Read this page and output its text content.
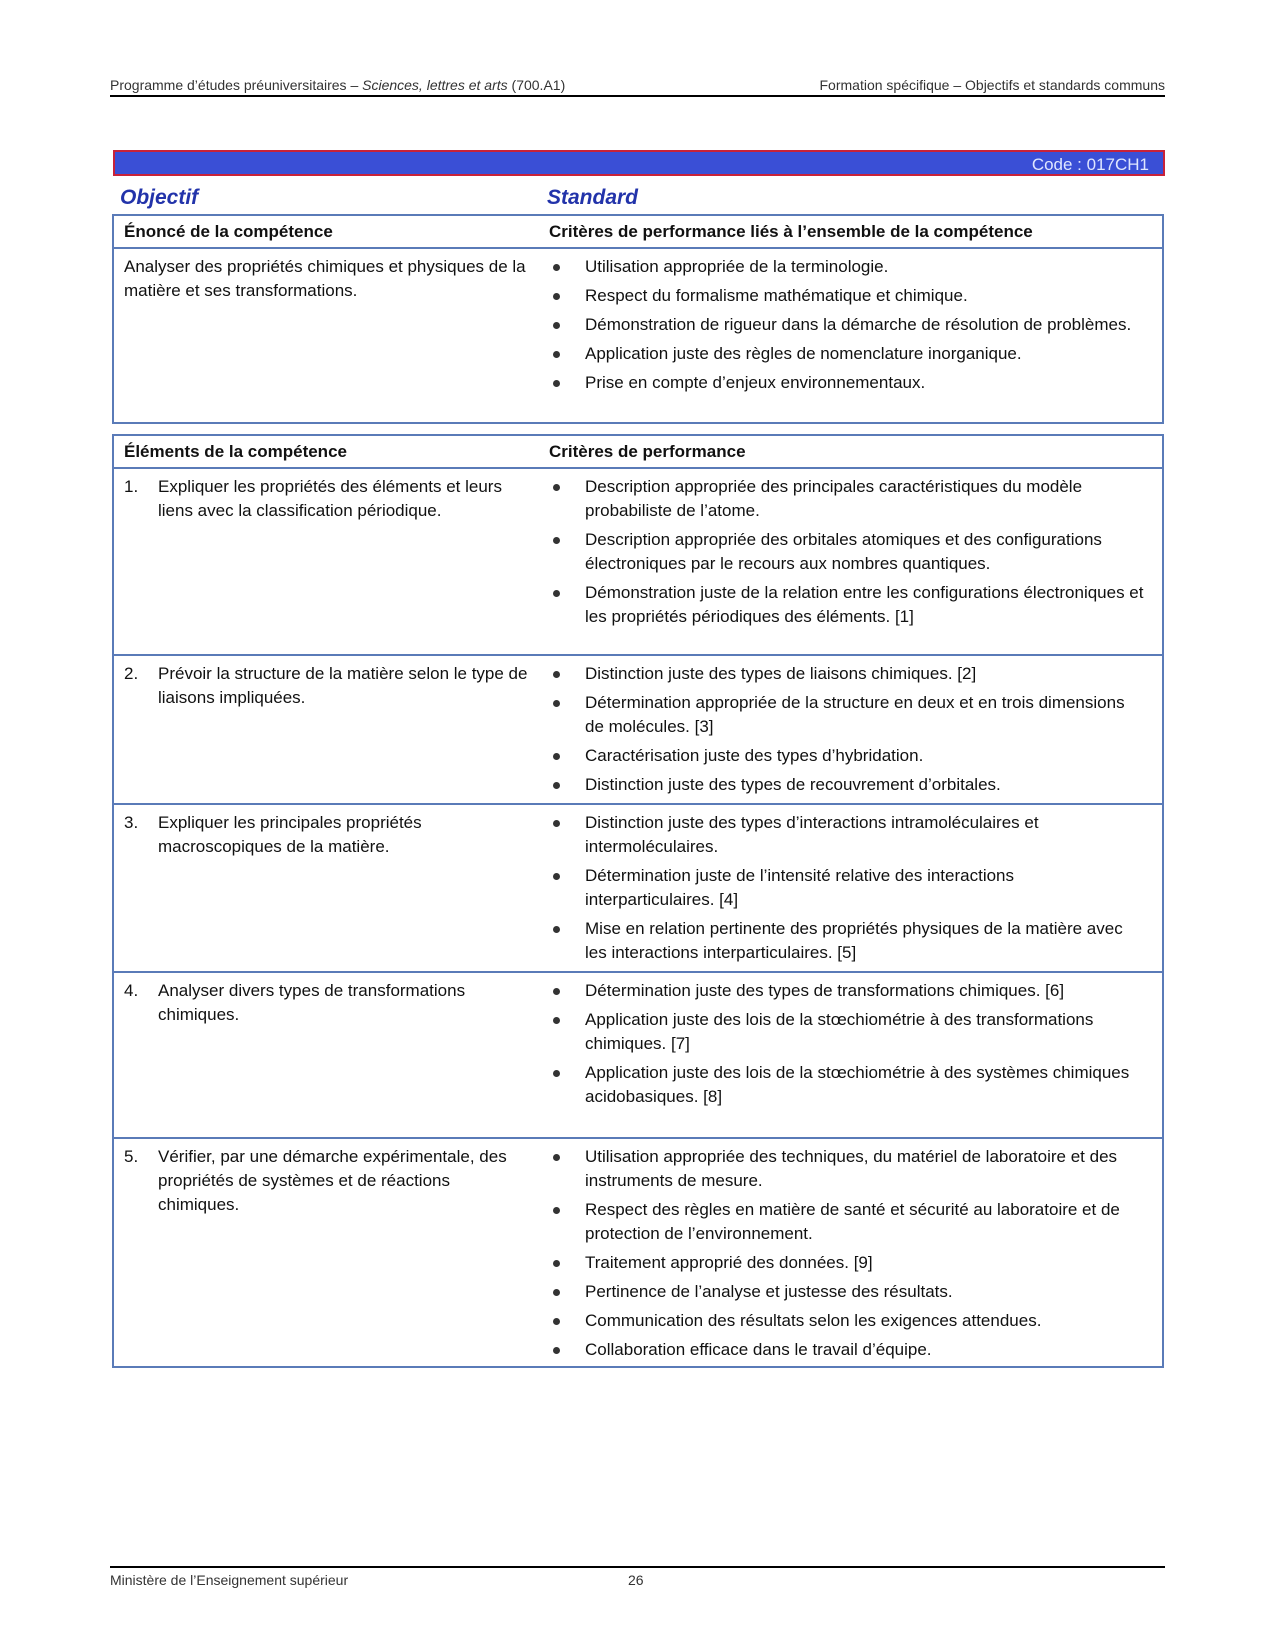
Programme d’études préuniversitaires – Sciences, lettres et arts (700.A1)	Formation spécifique – Objectifs et standards communs
Code : 017CH1
Objectif	Standard
Énoncé de la compétence	Critères de performance liés à l’ensemble de la compétence
Analyser des propriétés chimiques et physiques de la matière et ses transformations.
Utilisation appropriée de la terminologie.
Respect du formalisme mathématique et chimique.
Démonstration de rigueur dans la démarche de résolution de problèmes.
Application juste des règles de nomenclature inorganique.
Prise en compte d’enjeux environnementaux.
Éléments de la compétence	Critères de performance
1.	Expliquer les propriétés des éléments et leurs liens avec la classification périodique.
Description appropriée des principales caractéristiques du modèle probabiliste de l’atome.
Description appropriée des orbitales atomiques et des configurations électroniques par le recours aux nombres quantiques.
Démonstration juste de la relation entre les configurations électroniques et les propriétés périodiques des éléments. [1]
2.	Prévoir la structure de la matière selon le type de liaisons impliquées.
Distinction juste des types de liaisons chimiques. [2]
Détermination appropriée de la structure en deux et en trois dimensions de molécules. [3]
Caractérisation juste des types d’hybridation.
Distinction juste des types de recouvrement d’orbitales.
3.	Expliquer les principales propriétés macroscopiques de la matière.
Distinction juste des types d’interactions intramoléculaires et intermoléculaires.
Détermination juste de l’intensité relative des interactions interparticulaires. [4]
Mise en relation pertinente des propriétés physiques de la matière avec les interactions interparticulaires. [5]
4.	Analyser divers types de transformations chimiques.
Détermination juste des types de transformations chimiques. [6]
Application juste des lois de la stœchiométrie à des transformations chimiques. [7]
Application juste des lois de la stœchiométrie à des systèmes chimiques acidobasiques. [8]
5.	Vérifier, par une démarche expérimentale, des propriétés de systèmes et de réactions chimiques.
Utilisation appropriée des techniques, du matériel de laboratoire et des instruments de mesure.
Respect des règles en matière de santé et sécurité au laboratoire et de protection de l’environnement.
Traitement approprié des données. [9]
Pertinence de l’analyse et justesse des résultats.
Communication des résultats selon les exigences attendues.
Collaboration efficace dans le travail d’équipe.
Ministère de l’Enseignement supérieur	26
